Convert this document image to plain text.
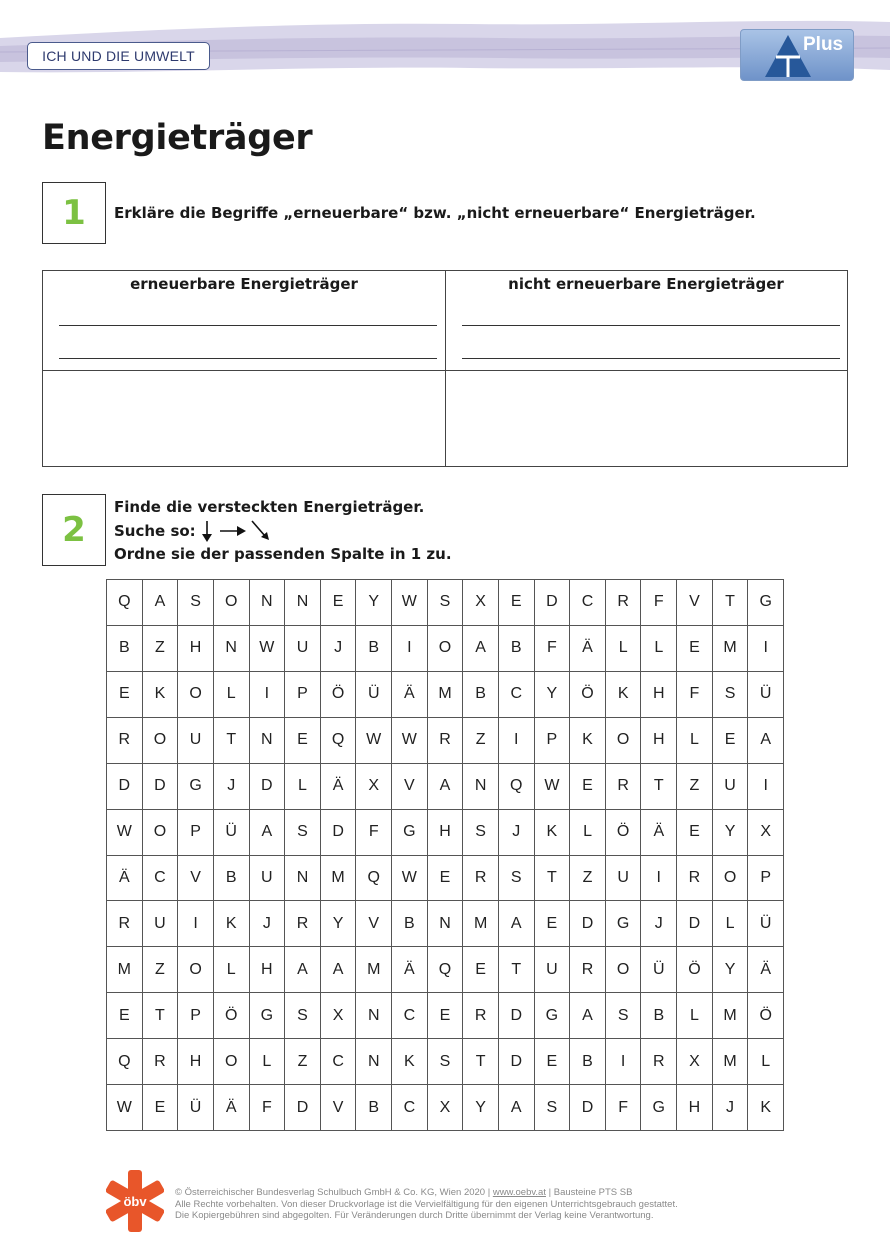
ICH UND DIE UMWELT
Plus
Energieträger
1	Erkläre die Begriffe „erneuerbare“ bzw. „nicht erneuerbare“ Energieträger.
erneuerbare Energieträger	nicht erneuerbare Energieträger
2
Finde die versteckten Energieträger.
Suche so:
Ordne sie der passenden Spalte in 1 zu.
Q	A	S	O	N	N	E	Y	W	S	X	E	D	C	R	F	V	T	G
B	Z	H	N	W	U	J	B	I	O	A	B	F	Ä	L	L	E	M	I
E	K	O	L	I	P	Ö	Ü	Ä	M	B	C	Y	Ö	K	H	F	S	Ü
R	O	U	T	N	E	Q	W	W	R	Z	I	P	K	O	H	L	E	A
D	D	G	J	D	L	Ä	X	V	A	N	Q	W	E	R	T	Z	U	I
W	O	P	Ü	A	S	D	F	G	H	S	J	K	L	Ö	Ä	E	Y	X
Ä	C	V	B	U	N	M	Q	W	E	R	S	T	Z	U	I	R	O	P
R	U	I	K	J	R	Y	V	B	N	M	A	E	D	G	J	D	L	Ü
M	Z	O	L	H	A	A	M	Ä	Q	E	T	U	R	O	Ü	Ö	Y	Ä
E	T	P	Ö	G	S	X	N	C	E	R	D	G	A	S	B	L	M	Ö
Q	R	H	O	L	Z	C	N	K	S	T	D	E	B	I	R	X	M	L
W	E	Ü	Ä	F	D	V	B	C	X	Y	A	S	D	F	G	H	J	K
öbv
© Österreichischer Bundesverlag Schulbuch GmbH & Co. KG, Wien 2020 | www.oebv.at | Bausteine PTS SB
Alle Rechte vorbehalten. Von dieser Druckvorlage ist die Vervielfältigung für den eigenen Unterrichtsgebrauch gestattet.
Die Kopiergebühren sind abgegolten. Für Veränderungen durch Dritte übernimmt der Verlag keine Verantwortung.
